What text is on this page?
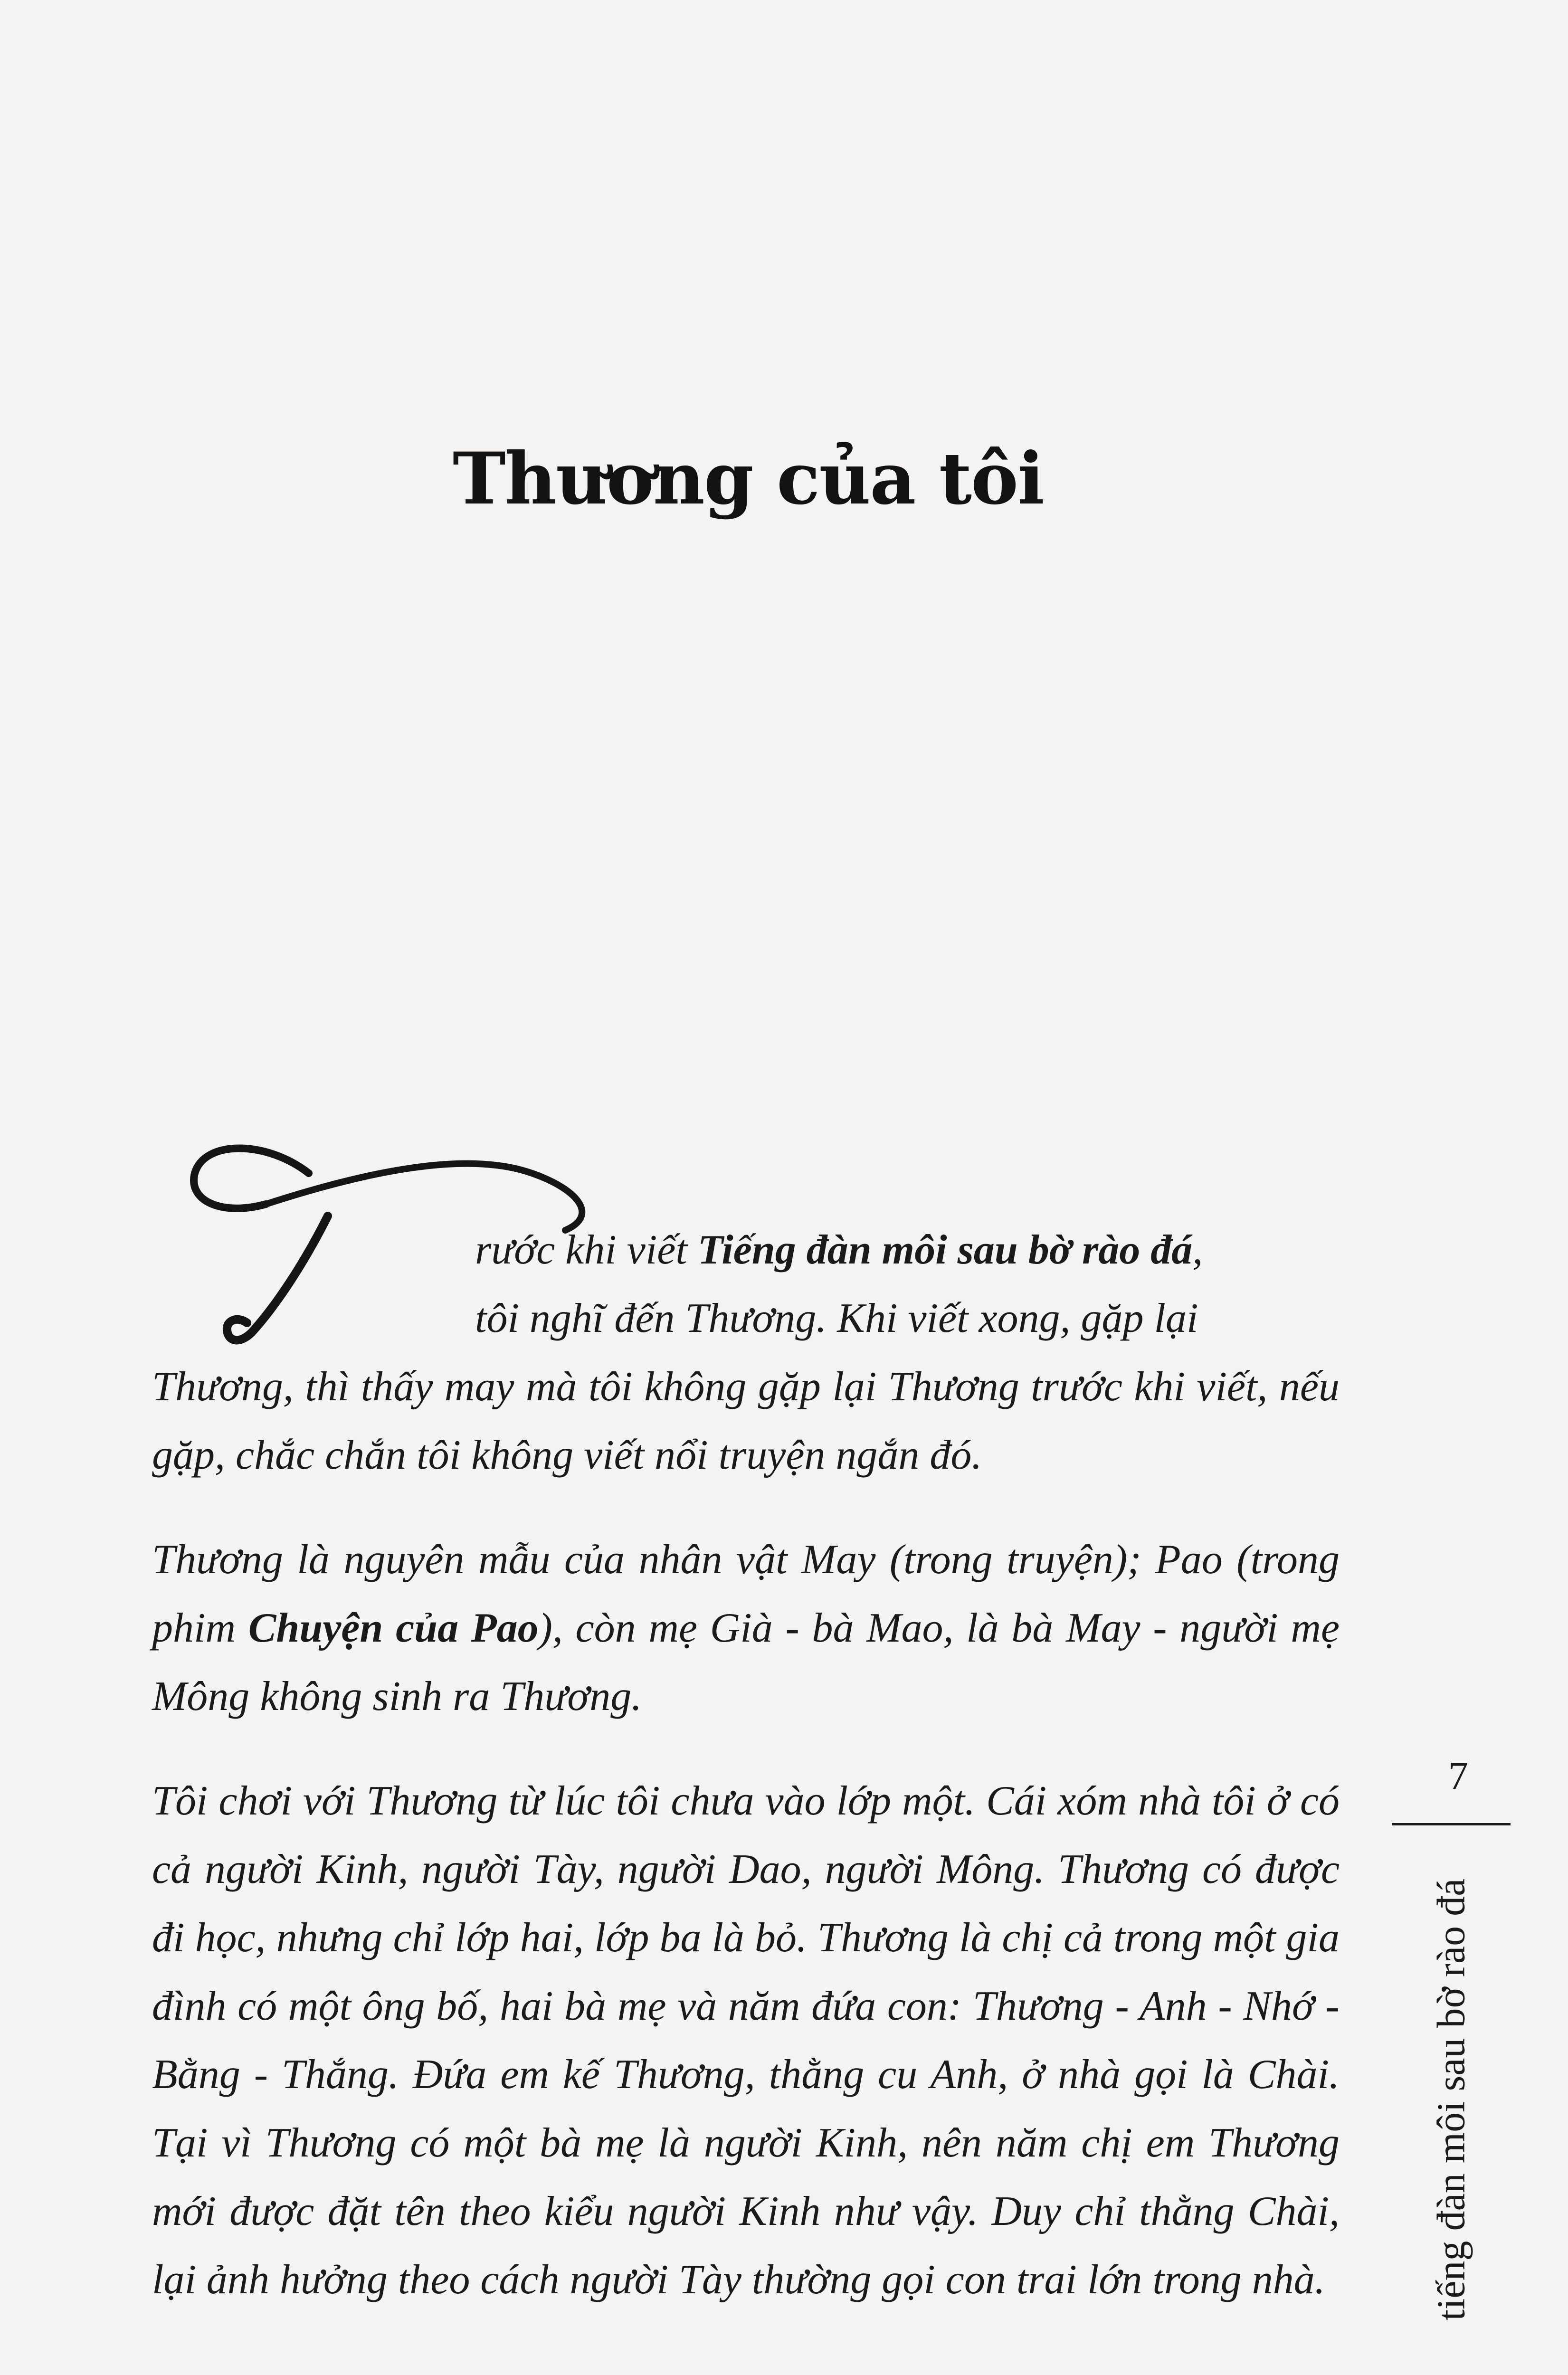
Thương của tôi

rước khi viết Tiếng đàn môi sau bờ rào đá,
tôi nghĩ đến Thương. Khi viết xong, gặp lại
Thương, thì thấy may mà tôi không gặp lại Thương trước khi viết, nếu gặp, chắc chắn tôi không viết nổi truyện ngắn đó.

Thương là nguyên mẫu của nhân vật May (trong truyện); Pao (trong phim Chuyện của Pao), còn mẹ Già - bà Mao, là bà May - người mẹ Mông không sinh ra Thương.

Tôi chơi với Thương từ lúc tôi chưa vào lớp một. Cái xóm nhà tôi ở có cả người Kinh, người Tày, người Dao, người Mông. Thương có được đi học, nhưng chỉ lớp hai, lớp ba là bỏ. Thương là chị cả trong một gia đình có một ông bố, hai bà mẹ và năm đứa con: Thương - Anh - Nhớ - Bằng - Thắng. Đứa em kế Thương, thằng cu Anh, ở nhà gọi là Chài. Tại vì Thương có một bà mẹ là người Kinh, nên năm chị em Thương mới được đặt tên theo kiểu người Kinh như vậy. Duy chỉ thằng Chài, lại ảnh hưởng theo cách người Tày thường gọi con trai lớn trong nhà.

7
tiếng đàn môi sau bờ rào đá
